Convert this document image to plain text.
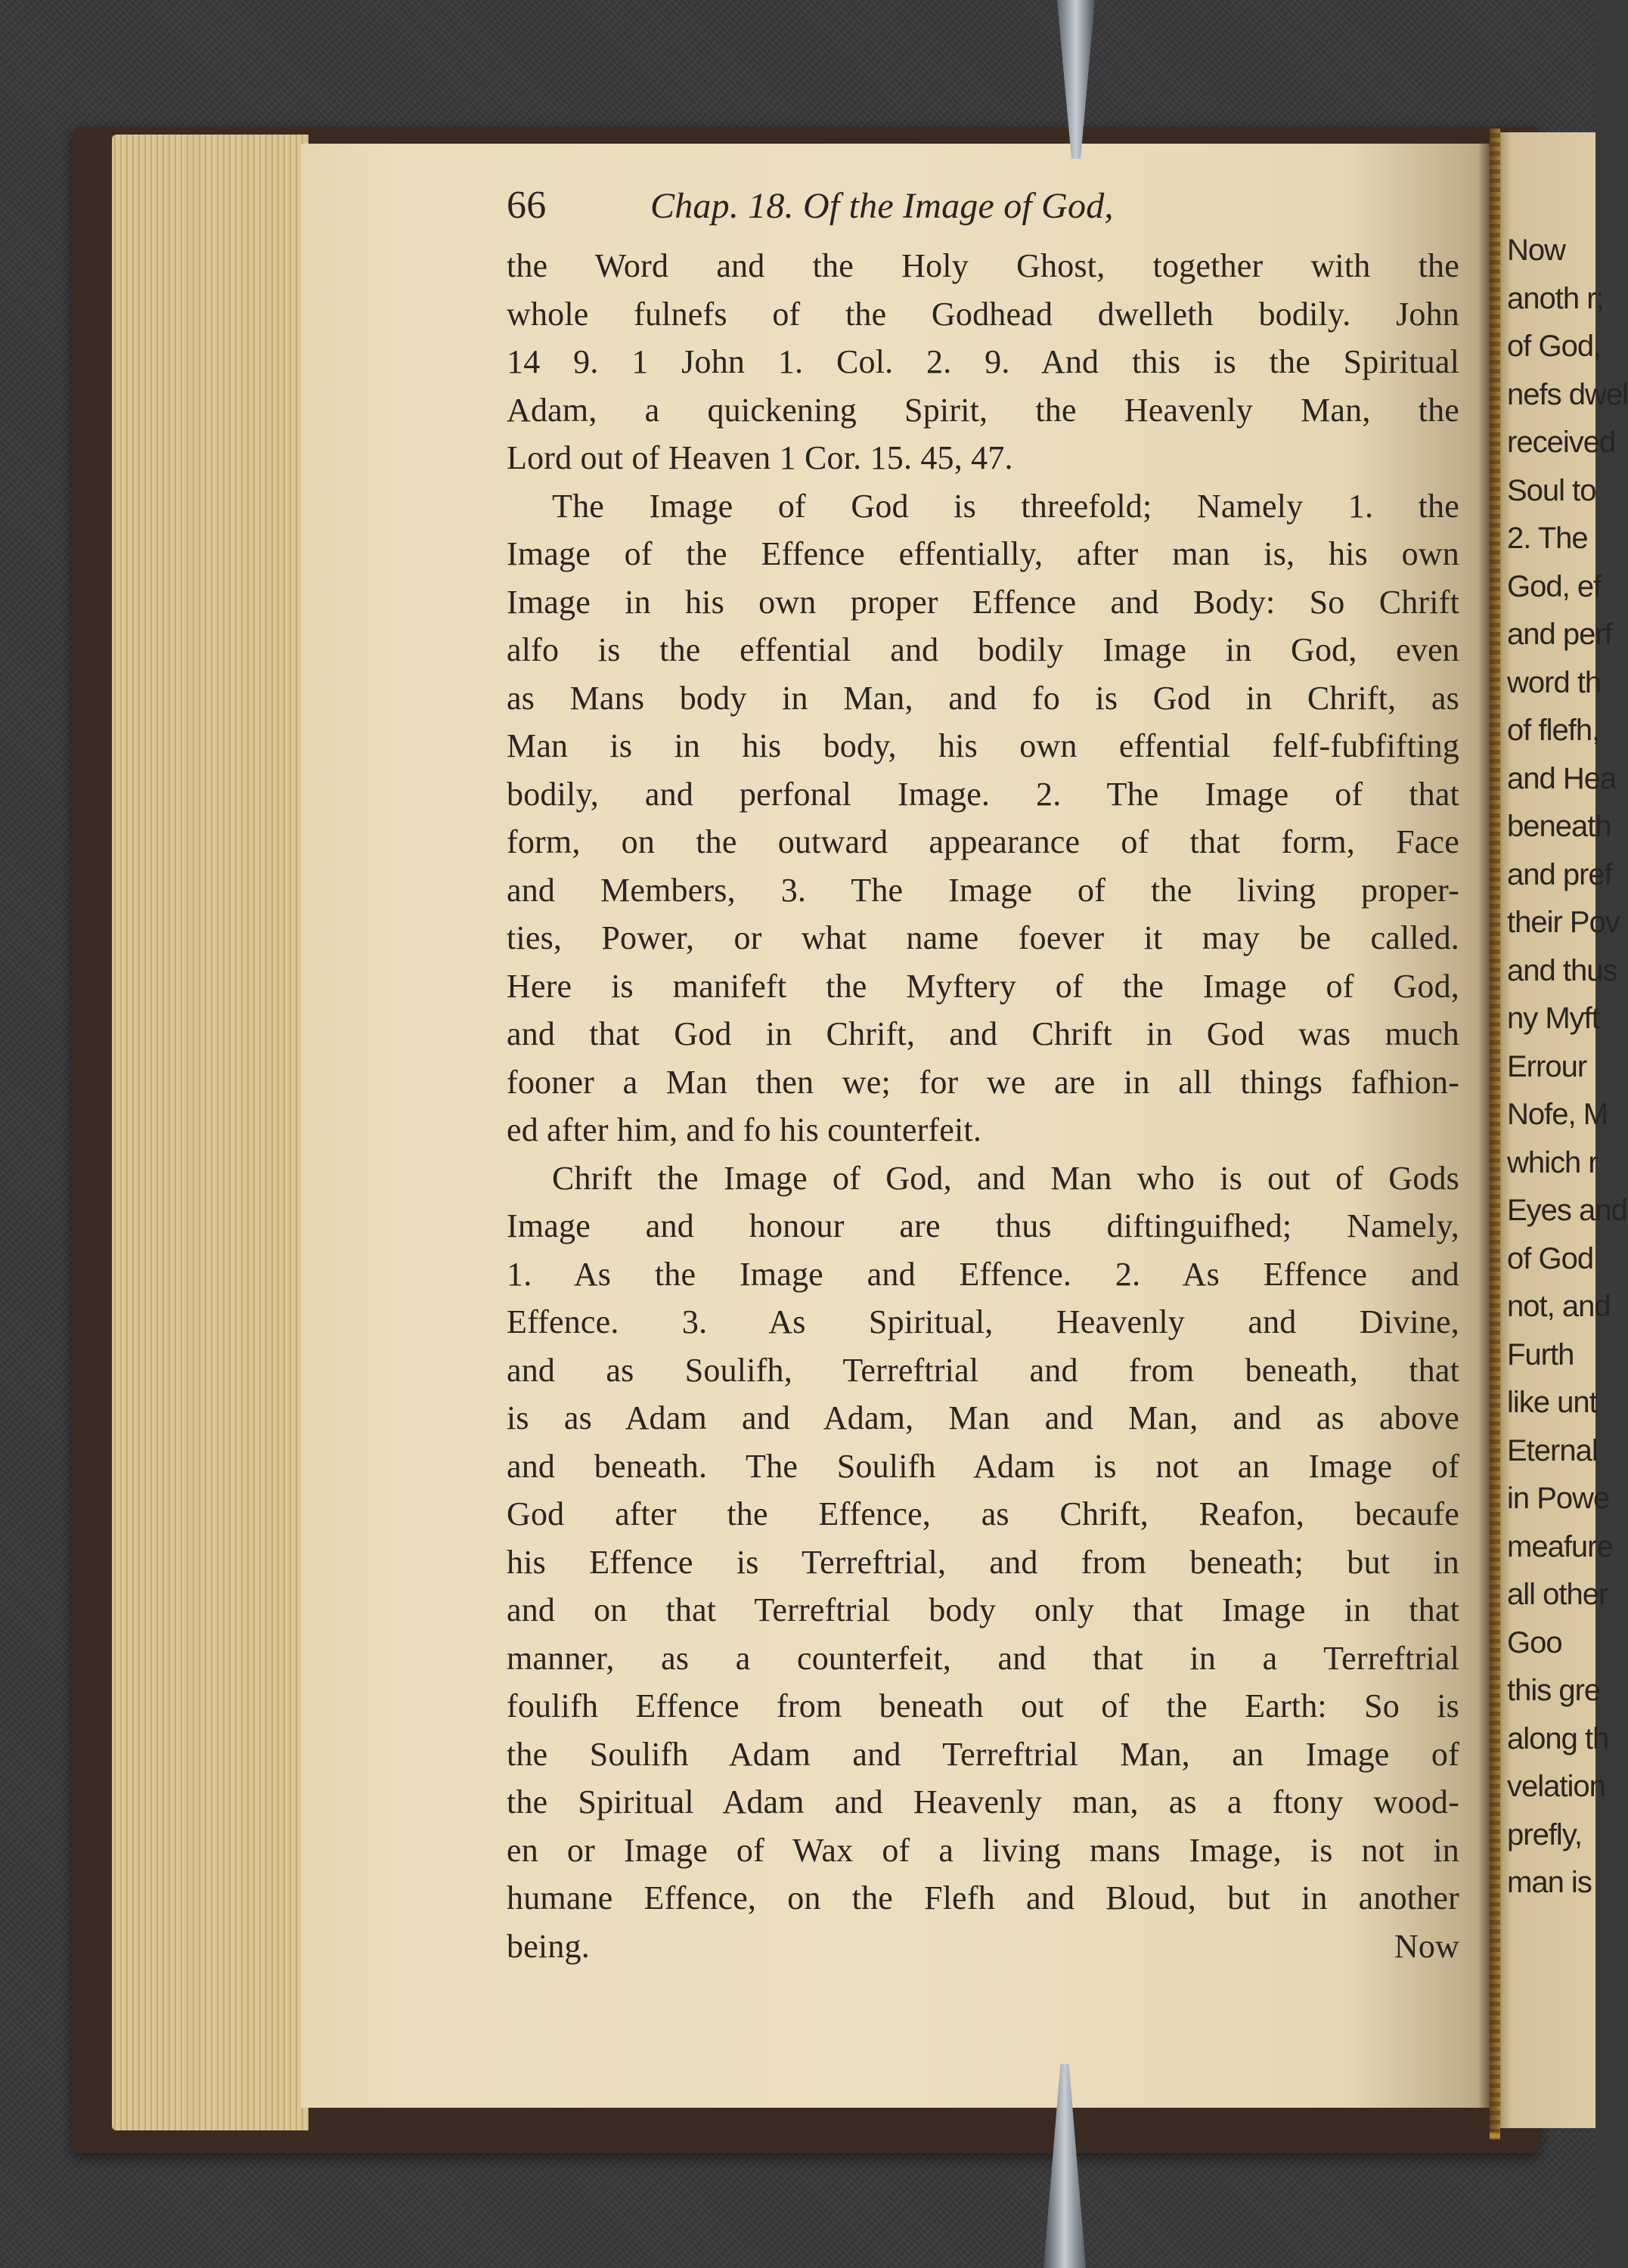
66	Chap. 18. Of the Image of God,
the Word and the Holy Ghost, together with the
whole fulnefs of the Godhead dwelleth bodily. John
14 9. 1 John 1. Col. 2. 9. And this is the Spiritual
Adam, a quickening Spirit, the Heavenly Man, the
Lord out of Heaven 1 Cor. 15. 45, 47.
The Image of God is threefold; Namely 1. the
Image of the Effence effentially, after man is, his own
Image in his own proper Effence and Body: So Chrift
alfo is the effential and bodily Image in God, even
as Mans body in Man, and fo is God in Chrift, as
Man is in his body, his own effential felf-fubfifting
bodily, and perfonal Image. 2. The Image of that
form, on the outward appearance of that form, Face
and Members, 3. The Image of the living proper-
ties, Power, or what name foever it may be called.
Here is manifeft the Myftery of the Image of God,
and that God in Chrift, and Chrift in God was much
fooner a Man then we; for we are in all things fafhion-
ed after him, and fo his counterfeit.
Chrift the Image of God, and Man who is out of Gods
Image and honour are thus diftinguifhed; Namely,
1. As the Image and Effence. 2. As Effence and
Effence. 3. As Spiritual, Heavenly and Divine,
and as Soulifh, Terreftrial and from beneath, that
is as Adam and Adam, Man and Man, and as above
and beneath. The Soulifh Adam is not an Image of
God after the Effence, as Chrift, Reafon, becaufe
his Effence is Terreftrial, and from beneath; but in
and on that Terreftrial body only that Image in that
manner, as a counterfeit, and that in a Terreftrial
foulifh Effence from beneath out of the Earth: So is
the Soulifh Adam and Terreftrial Man, an Image of
the Spiritual Adam and Heavenly man, as a ftony wood-
en or Image of Wax of a living mans Image, is not in
humane Effence, on the Flefh and Bloud, but in another
being.	Now
Now
anoth r;
of God,
nefs dwel
received
Soul to
2. The
God, ef
and perf
word th
of flefh,
and Hea
beneath
and pref
their Pov
and thus
ny Myft
Errour
Nofe, M
which r
Eyes and
of God
not, and
Furth
like unt
Eternal
in Powe
meafure
all other
Goo
this gre
along th
velation
prefly,
man is
